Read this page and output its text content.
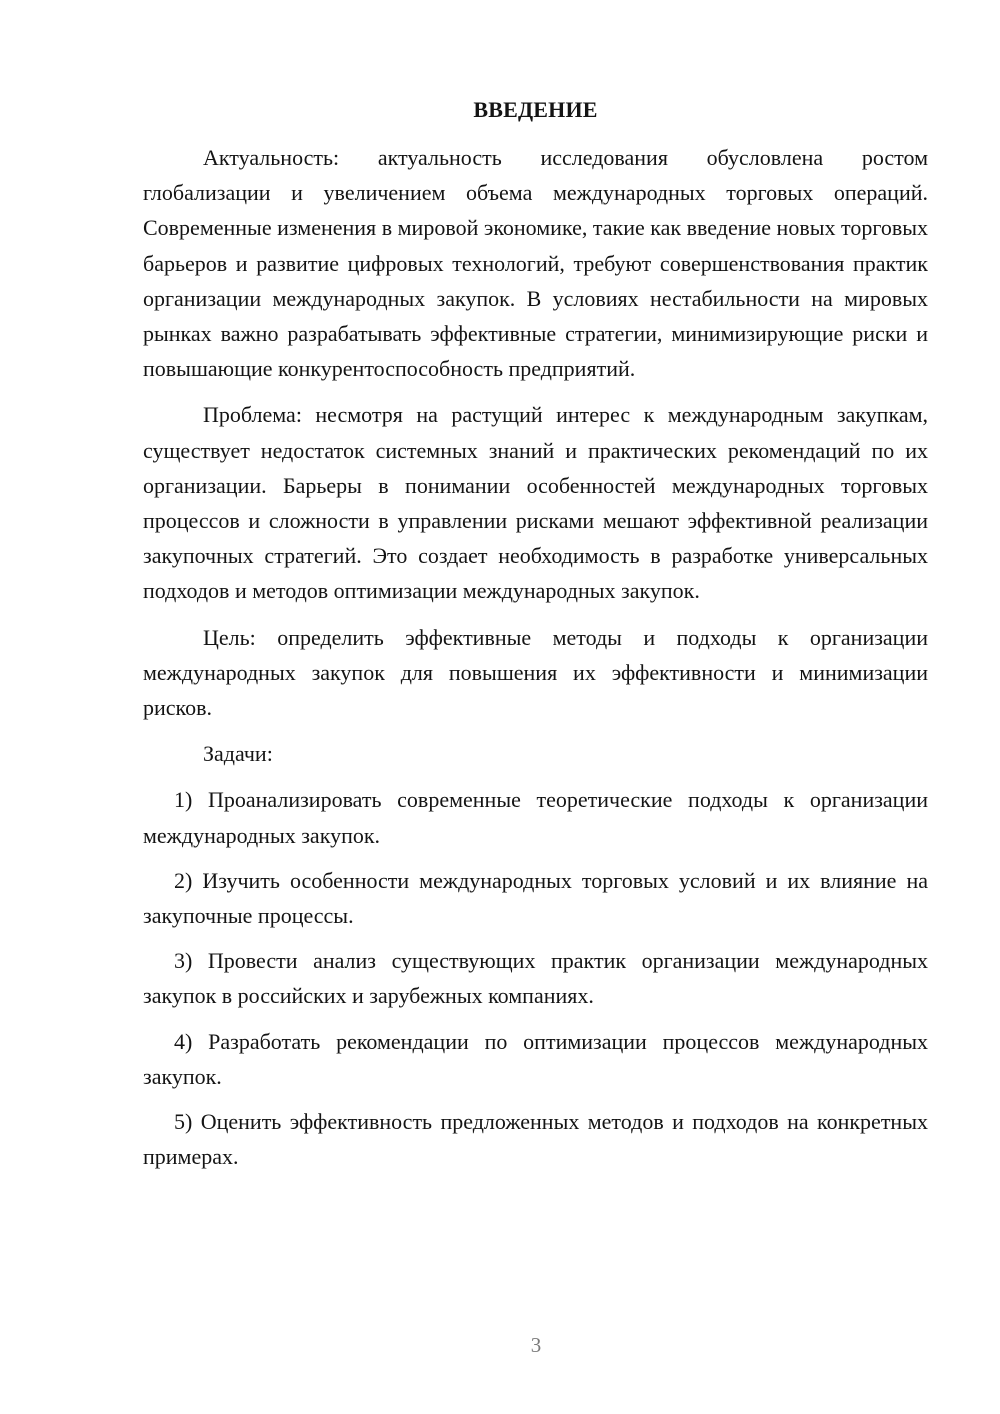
ВВЕДЕНИЕ

Актуальность: актуальность исследования обусловлена ростом глобализации и увеличением объема международных торговых операций. Современные изменения в мировой экономике, такие как введение новых торговых барьеров и развитие цифровых технологий, требуют совершенствования практик организации международных закупок. В условиях нестабильности на мировых рынках важно разрабатывать эффективные стратегии, минимизирующие риски и повышающие конкурентоспособность предприятий.

Проблема: несмотря на растущий интерес к международным закупкам, существует недостаток системных знаний и практических рекомендаций по их организации. Барьеры в понимании особенностей международных торговых процессов и сложности в управлении рисками мешают эффективной реализации закупочных стратегий. Это создает необходимость в разработке универсальных подходов и методов оптимизации международных закупок.

Цель: определить эффективные методы и подходы к организации международных закупок для повышения их эффективности и минимизации рисков.

Задачи:

1) Проанализировать современные теоретические подходы к организации международных закупок.

2) Изучить особенности международных торговых условий и их влияние на закупочные процессы.

3) Провести анализ существующих практик организации международных закупок в российских и зарубежных компаниях.

4) Разработать рекомендации по оптимизации процессов международных закупок.

5) Оценить эффективность предложенных методов и подходов на конкретных примерах.

3
